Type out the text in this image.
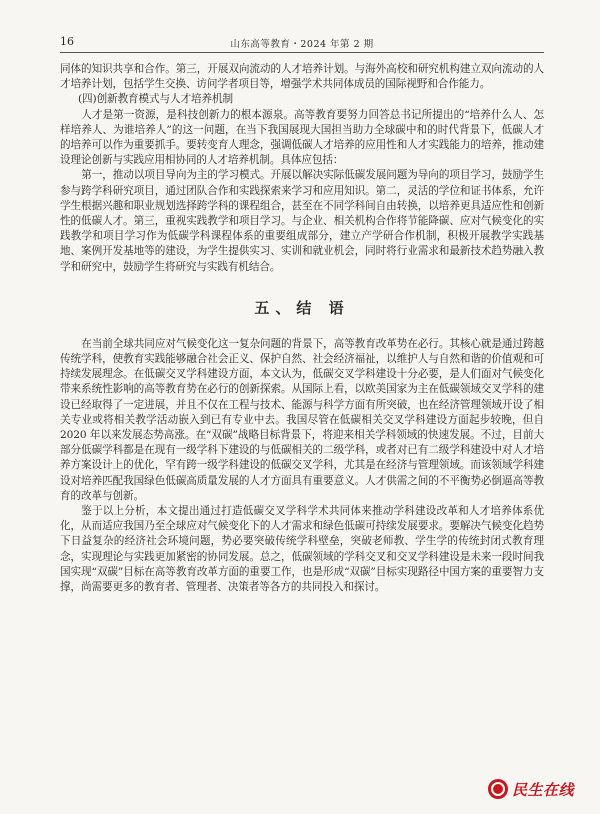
16	山东高等教育・2024 年第 2 期

同体的知识共享和合作。第三，开展双向流动的人才培养计划。与海外高校和研究机构建立双向流动的人才培养计划，包括学生交换、访问学者项目等，增强学术共同体成员的国际视野和合作能力。

(四)创新教育模式与人才培养机制

人才是第一资源，是科技创新力的根本源泉。高等教育要努力回答总书记所提出的“培养什么人、怎样培养人、为谁培养人”的这一问题，在当下我国展现大国担当助力全球碳中和的时代背景下，低碳人才的培养可以作为重要抓手。要转变育人理念，强调低碳人才培养的应用性和人才实践能力的培养，推动建设理论创新与实践应用相协同的人才培养机制。具体应包括：

第一，推动以项目导向为主的学习模式。开展以解决实际低碳发展问题为导向的项目学习，鼓励学生参与跨学科研究项目，通过团队合作和实践探索来学习和应用知识。第二，灵活的学位和证书体系，允许学生根据兴趣和职业规划选择跨学科的课程组合，甚至在不同学科间自由转换，以培养更具适应性和创新性的低碳人才。第三，重视实践教学和项目学习。与企业、相关机构合作将节能降碳、应对气候变化的实践教学和项目学习作为低碳学科课程体系的重要组成部分，建立产学研合作机制，积极开展教学实践基地、案例开发基地等的建设，为学生提供实习、实训和就业机会，同时将行业需求和最新技术趋势融入教学和研究中，鼓励学生将研究与实践有机结合。

五、结 语

在当前全球共同应对气候变化这一复杂问题的背景下，高等教育改革势在必行。其核心就是通过跨越传统学科，使教育实践能够融合社会正义、保护自然、社会经济福祉，以维护人与自然和谐的价值观和可持续发展理念。在低碳交叉学科建设方面，本文认为，低碳交叉学科建设十分必要，是人们面对气候变化带来系统性影响的高等教育势在必行的创新探索。从国际上看，以欧美国家为主在低碳领域交叉学科的建设已经取得了一定进展，并且不仅在工程与技术、能源与科学方面有所突破，也在经济管理领域开设了相关专业或将相关教学活动嵌入到已有专业中去。我国尽管在低碳相关交叉学科建设方面起步较晚，但自 2020 年以来发展态势高涨。在“双碳”战略目标背景下，将迎来相关学科领域的快速发展。不过，目前大部分低碳学科都是在现有一级学科下建设的与低碳相关的二级学科，或者对已有二级学科建设中对人才培养方案设计上的优化，罕有跨一级学科建设的低碳交叉学科，尤其是在经济与管理领域。而该领域学科建设对培养匹配我国绿色低碳高质量发展的人才方面具有重要意义。人才供需之间的不平衡势必倒逼高等教育的改革与创新。

鉴于以上分析，本文提出通过打造低碳交叉学科学术共同体来推动学科建设改革和人才培养体系优化，从而适应我国乃至全球应对气候变化下的人才需求和绿色低碳可持续发展要求。要解决气候变化趋势下日益复杂的经济社会环境问题，势必要突破传统学科壁垒，突破老师教、学生学的传统封闭式教育理念，实现理论与实践更加紧密的协同发展。总之，低碳领域的学科交叉和交叉学科建设是未来一段时间我国实现“双碳”目标在高等教育改革方面的重要工作，也是形成“双碳”目标实现路径中国方案的重要智力支撑，尚需要更多的教育者、管理者、决策者等各方的共同投入和探讨。

民生在线
